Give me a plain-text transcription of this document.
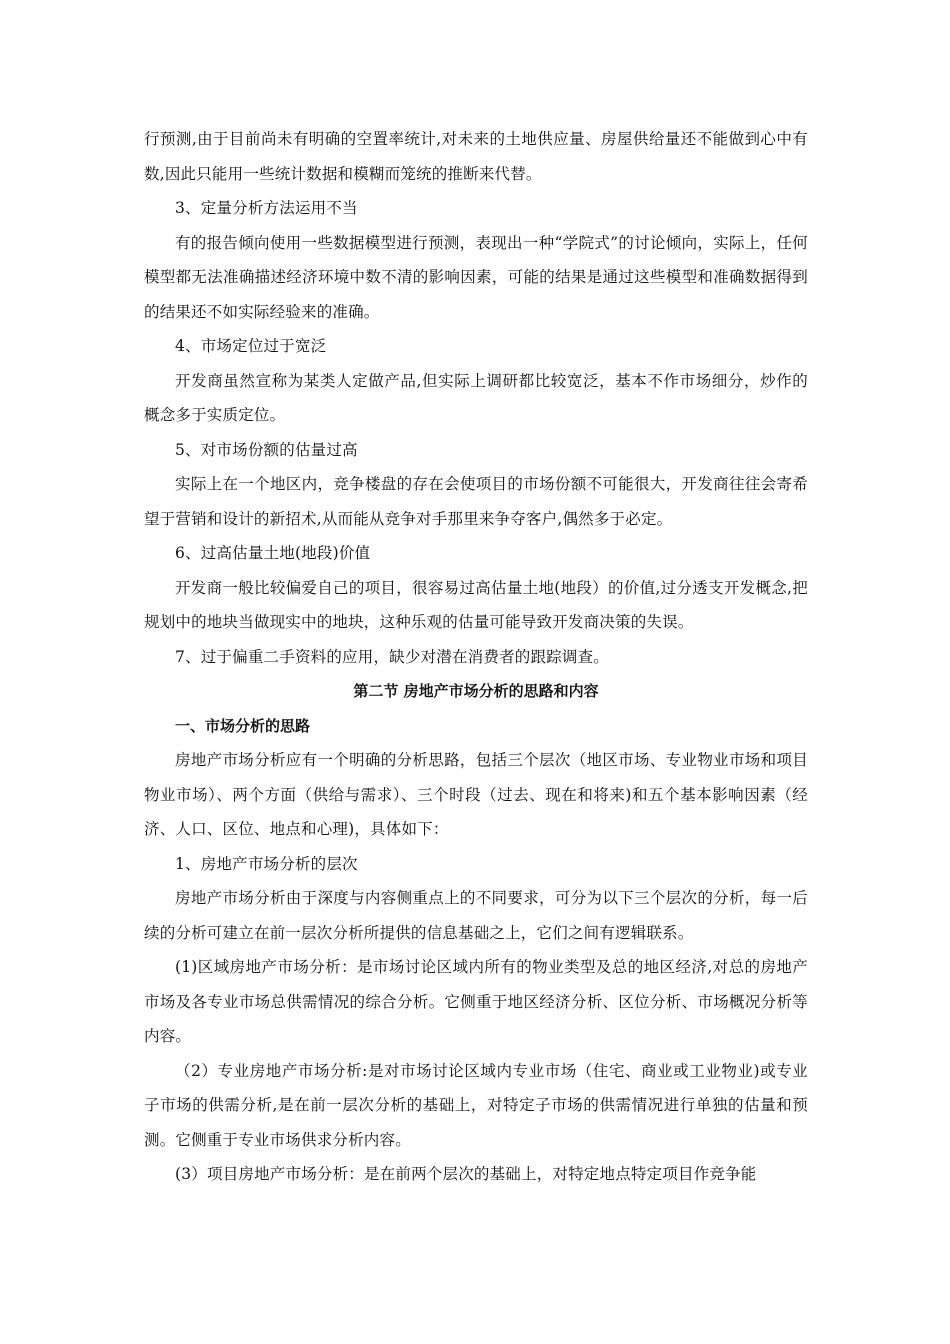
行预测,由于目前尚未有明确的空置率统计,对未来的土地供应量、房屋供给量还不能做到心中有数,因此只能用一些统计数据和模糊而笼统的推断来代替。

3、定量分析方法运用不当

有的报告倾向使用一些数据模型进行预测，表现出一种“学院式”的讨论倾向，实际上，任何模型都无法准确描述经济环境中数不清的影响因素，可能的结果是通过这些模型和准确数据得到的结果还不如实际经验来的准确。

4、市场定位过于宽泛

开发商虽然宣称为某类人定做产品,但实际上调研都比较宽泛，基本不作市场细分，炒作的概念多于实质定位。

5、对市场份额的估量过高

实际上在一个地区内，竞争楼盘的存在会使项目的市场份额不可能很大，开发商往往会寄希望于营销和设计的新招术,从而能从竞争对手那里来争夺客户,偶然多于必定。

6、过高估量土地(地段)价值

开发商一般比较偏爱自己的项目，很容易过高估量土地(地段）的价值,过分透支开发概念,把规划中的地块当做现实中的地块，这种乐观的估量可能导致开发商决策的失误。

7、过于偏重二手资料的应用，缺少对潜在消费者的跟踪调查。

第二节 房地产市场分析的思路和内容

一、市场分析的思路

房地产市场分析应有一个明确的分析思路，包括三个层次（地区市场、专业物业市场和项目物业市场）、两个方面（供给与需求）、三个时段（过去、现在和将来)和五个基本影响因素（经济、人口、区位、地点和心理)，具体如下：

1、房地产市场分析的层次

房地产市场分析由于深度与内容侧重点上的不同要求，可分为以下三个层次的分析，每一后续的分析可建立在前一层次分析所提供的信息基础之上，它们之间有逻辑联系。

(1)区域房地产市场分析：是市场讨论区域内所有的物业类型及总的地区经济,对总的房地产市场及各专业市场总供需情况的综合分析。它侧重于地区经济分析、区位分析、市场概况分析等内容。

（2）专业房地产市场分析:是对市场讨论区域内专业市场（住宅、商业或工业物业)或专业子市场的供需分析,是在前一层次分析的基础上，对特定子市场的供需情况进行单独的估量和预测。它侧重于专业市场供求分析内容。

(3）项目房地产市场分析：是在前两个层次的基础上，对特定地点特定项目作竞争能
